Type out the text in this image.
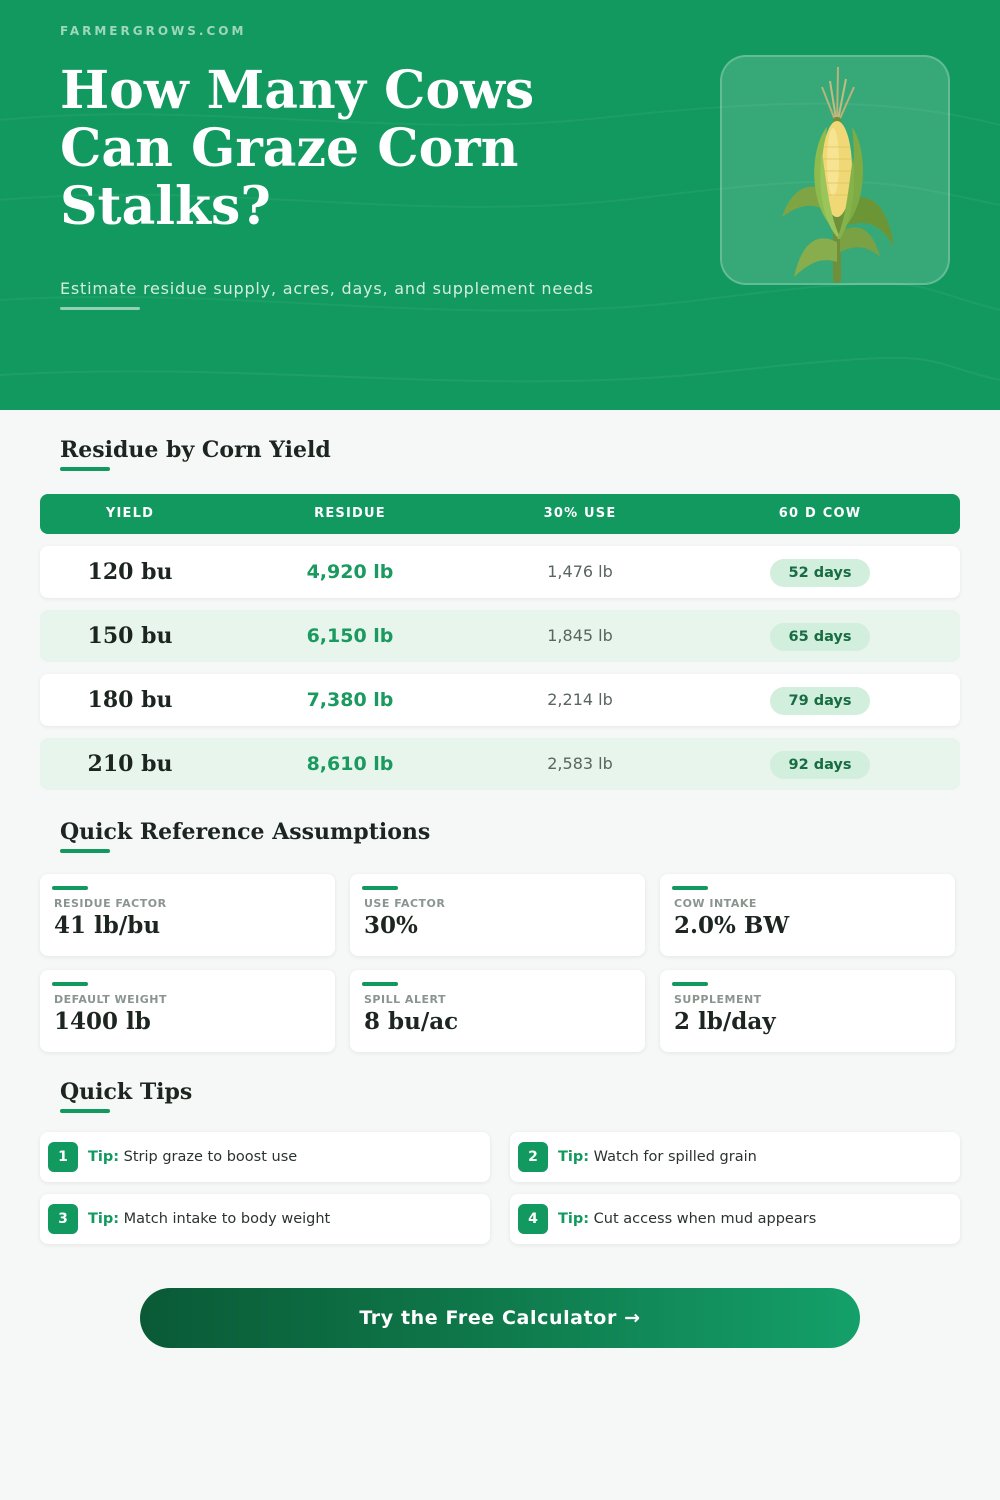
FARMERGROWS.COM
How Many Cows Can Graze Corn Stalks?
Estimate residue supply, acres, days, and supplement needs
Residue by Corn Yield
YIELD	RESIDUE	30% USE	60 D COW
120 bu	4,920 lb	1,476 lb	52 days
150 bu	6,150 lb	1,845 lb	65 days
180 bu	7,380 lb	2,214 lb	79 days
210 bu	8,610 lb	2,583 lb	92 days
Quick Reference Assumptions
RESIDUE FACTOR
41 lb/bu
USE FACTOR
30%
COW INTAKE
2.0% BW
DEFAULT WEIGHT
1400 lb
SPILL ALERT
8 bu/ac
SUPPLEMENT
2 lb/day
Quick Tips
1	Tip: Strip graze to boost use	2	Tip: Watch for spilled grain
3	Tip: Match intake to body weight	4	Tip: Cut access when mud appears
Try the Free Calculator →
